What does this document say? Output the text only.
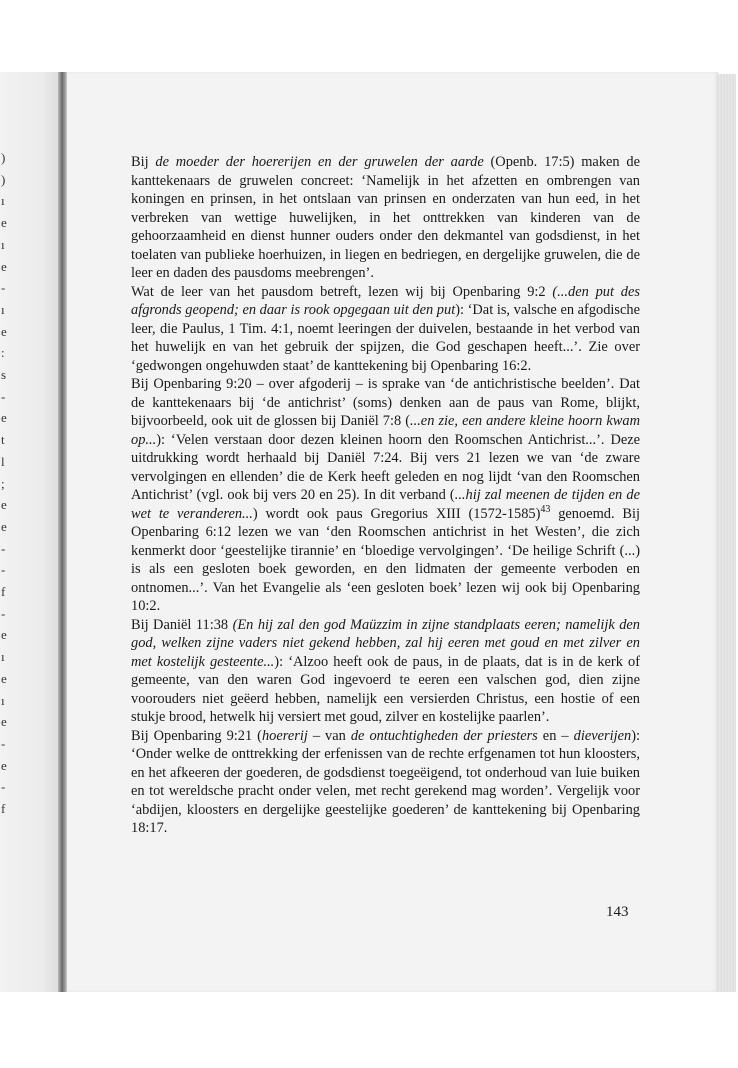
)
)
ı
e
ı
e
-
ı
e
:
s
-
e
t
l
;
e
e
-
-
f
-
e
ı
e
ı
e
-
e
-
f

Bij de moeder der hoererijen en der gruwelen der aarde (Openb. 17:5) maken de kanttekenaars de gruwelen concreet: ‘Namelijk in het afzetten en ombrengen van koningen en prinsen, in het ontslaan van prinsen en onderzaten van hun eed, in het verbreken van wettige huwelijken, in het onttrekken van kinderen van de gehoorzaamheid en dienst hunner ouders onder den dekmantel van godsdienst, in het toelaten van publieke hoerhuizen, in liegen en bedriegen, en dergelijke gruwelen, die de leer en daden des pausdoms meebrengen’.

Wat de leer van het pausdom betreft, lezen wij bij Openbaring 9:2 (...den put des afgronds geopend; en daar is rook opgegaan uit den put): ‘Dat is, valsche en afgodische leer, die Paulus, 1 Tim. 4:1, noemt leeringen der duivelen, bestaande in het verbod van het huwelijk en van het gebruik der spijzen, die God geschapen heeft...’. Zie over ‘gedwongen ongehuwden staat’ de kanttekening bij Openbaring 16:2.

Bij Openbaring 9:20 – over afgoderij – is sprake van ‘de antichristische beelden’. Dat de kanttekenaars bij ‘de antichrist’ (soms) denken aan de paus van Rome, blijkt, bijvoorbeeld, ook uit de glossen bij Daniël 7:8 (...en zie, een andere kleine hoorn kwam op...): ‘Velen verstaan door dezen kleinen hoorn den Roomschen Antichrist...’. Deze uitdrukking wordt herhaald bij Daniël 7:24. Bij vers 21 lezen we van ‘de zware vervolgingen en ellenden’ die de Kerk heeft geleden en nog lijdt ‘van den Roomschen Antichrist’ (vgl. ook bij vers 20 en 25). In dit verband (...hij zal meenen de tijden en de wet te veranderen...) wordt ook paus Gregorius XIII (1572-1585)$^{43}$ genoemd. Bij Openbaring 6:12 lezen we van ‘den Roomschen antichrist in het Westen’, die zich kenmerkt door ‘geestelijke tirannie’ en ‘bloedige vervolgingen’. ‘De heilige Schrift (...) is als een gesloten boek geworden, en den lidmaten der gemeente verboden en ontnomen...’. Van het Evangelie als ‘een gesloten boek’ lezen wij ook bij Openbaring 10:2.

Bij Daniël 11:38 (En hij zal den god Maüzzim in zijne standplaats eeren; namelijk den god, welken zijne vaders niet gekend hebben, zal hij eeren met goud en met zilver en met kostelijk gesteente...): ‘Alzoo heeft ook de paus, in de plaats, dat is in de kerk of gemeente, van den waren God ingevoerd te eeren een valschen god, dien zijne voorouders niet geëerd hebben, namelijk een versierden Christus, een hostie of een stukje brood, hetwelk hij versiert met goud, zilver en kostelijke paarlen’.

Bij Openbaring 9:21 (hoererij – van de ontuchtigheden der priesters en – dieverijen): ‘Onder welke de onttrekking der erfenissen van de rechte erfgenamen tot hun kloosters, en het afkeeren der goederen, de godsdienst toegeëigend, tot onderhoud van luie buiken en tot wereldsche pracht onder velen, met recht gerekend mag worden’. Vergelijk voor ‘abdijen, kloosters en dergelijke geestelijke goederen’ de kanttekening bij Openbaring 18:17.

143
